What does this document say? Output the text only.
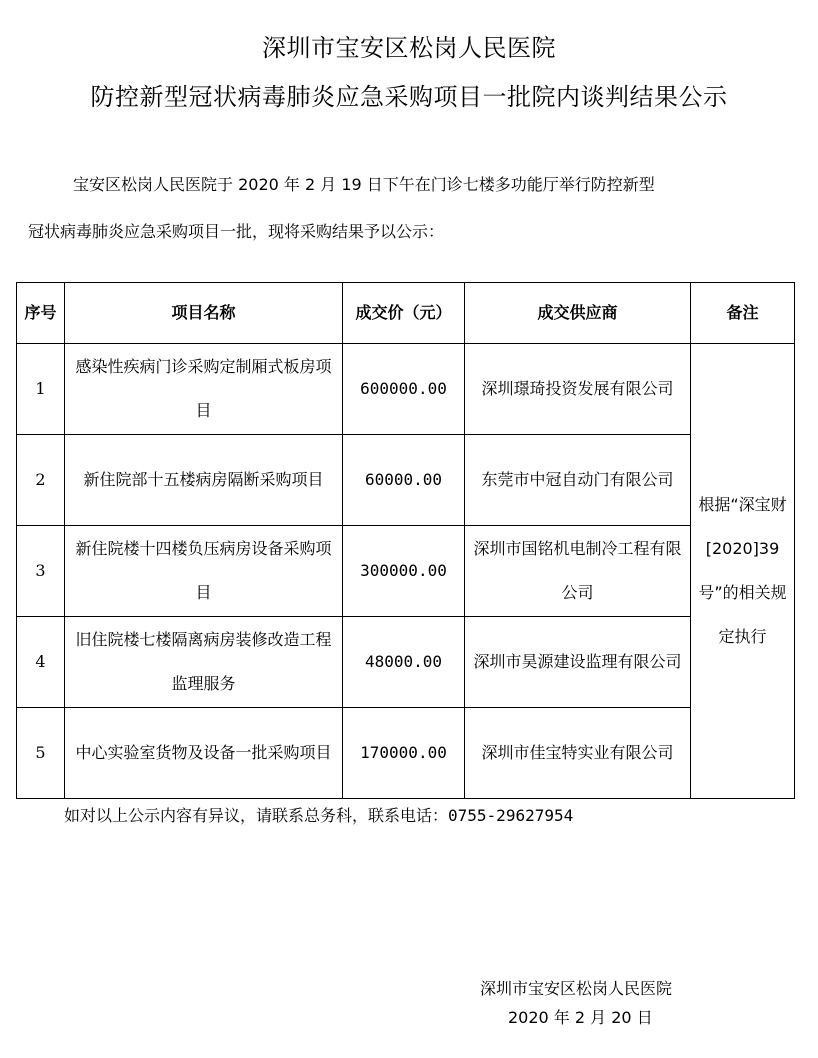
深圳市宝安区松岗人民医院
防控新型冠状病毒肺炎应急采购项目一批院内谈判结果公示
宝安区松岗人民医院于 2020 年 2 月 19 日下午在门诊七楼多功能厅举行防控新型
冠状病毒肺炎应急采购项目一批，现将采购结果予以公示：
序号	项目名称	成交价（元）	成交供应商	备注
1	感染性疾病门诊采购定制厢式板房项目	600000.00	深圳璟琦投资发展有限公司	根据“深宝财[2020]39号”的相关规定执行
2	新住院部十五楼病房隔断采购项目	60000.00	东莞市中冠自动门有限公司	
3	新住院楼十四楼负压病房设备采购项目	300000.00	深圳市国铭机电制冷工程有限公司	
4	旧住院楼七楼隔离病房装修改造工程监理服务	48000.00	深圳市昊源建设监理有限公司	
5	中心实验室货物及设备一批采购项目	170000.00	深圳市佳宝特实业有限公司	
如对以上公示内容有异议，请联系总务科，联系电话：0755-29627954
深圳市宝安区松岗人民医院
2020 年 2 月 20 日
